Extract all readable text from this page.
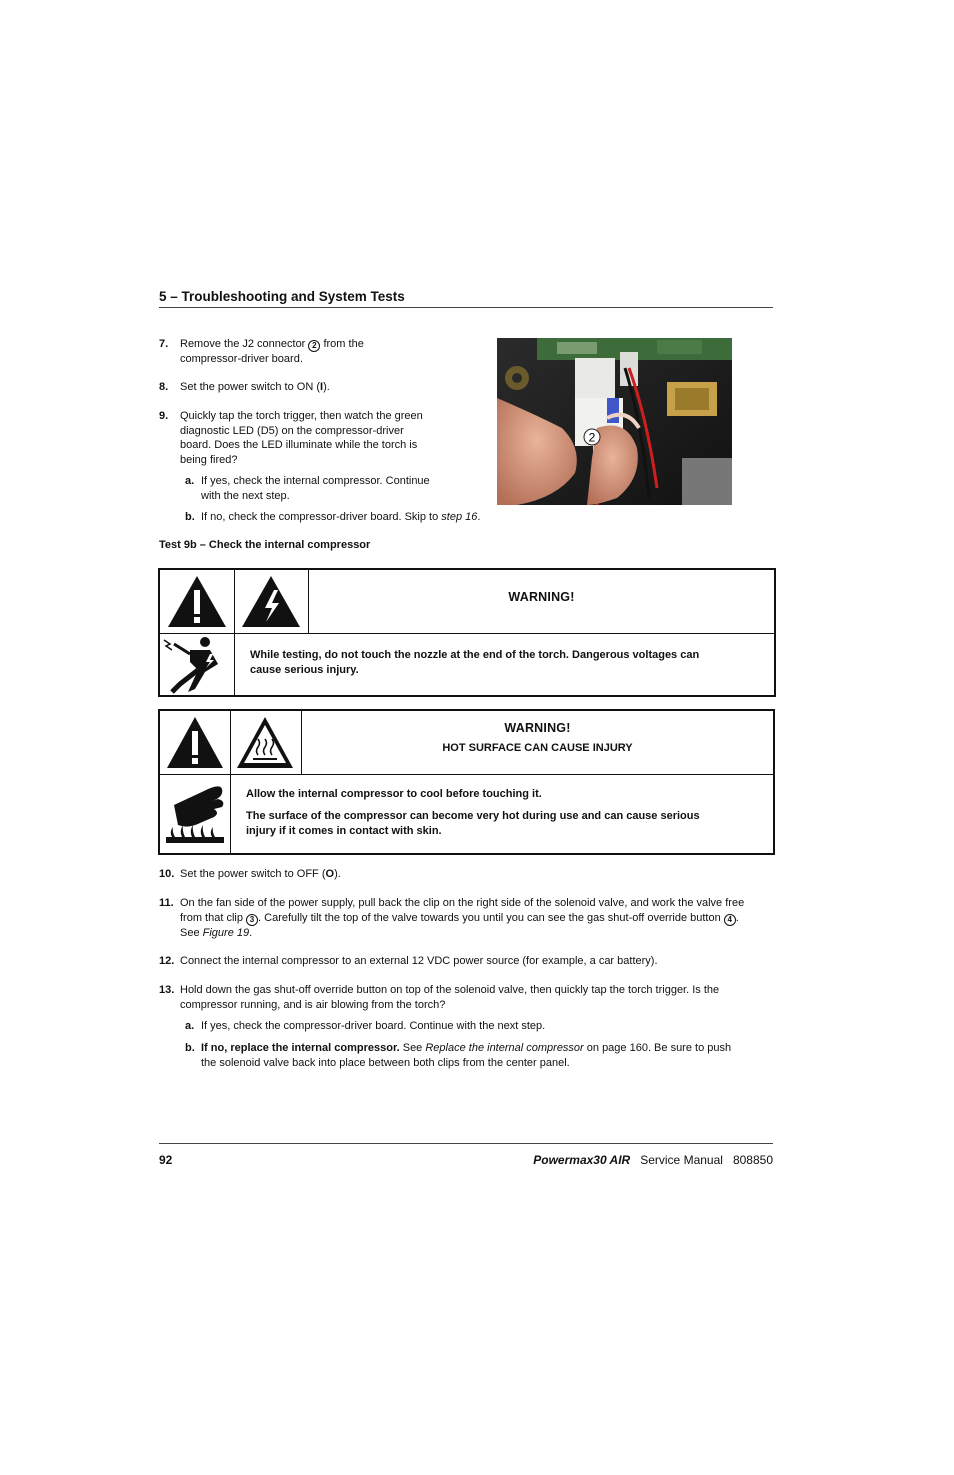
5 – Troubleshooting and System Tests
7. Remove the J2 connector 2 from the
compressor-driver board.
8. Set the power switch to ON (I).
9. Quickly tap the torch trigger, then watch the green
diagnostic LED (D5) on the compressor-driver
board. Does the LED illuminate while the torch is
being fired?
a. If yes, check the internal compressor. Continue
with the next step.
b. If no, check the compressor-driver board. Skip to step 16.
2
Test 9b – Check the internal compressor
WARNING!
While testing, do not touch the nozzle at the end of the torch. Dangerous voltages can
cause serious injury.
WARNING!
HOT SURFACE CAN CAUSE INJURY
Allow the internal compressor to cool before touching it.
The surface of the compressor can become very hot during use and can cause serious
injury if it comes in contact with skin.
10. Set the power switch to OFF (O).
11. On the fan side of the power supply, pull back the clip on the right side of the solenoid valve, and work the valve free
from that clip 3 . Carefully tilt the top of the valve towards you until you can see the gas shut-off override button 4 .
See Figure 19.
12. Connect the internal compressor to an external 12 VDC power source (for example, a car battery).
13. Hold down the gas shut-off override button on top of the solenoid valve, then quickly tap the torch trigger. Is the
compressor running, and is air blowing from the torch?
a. If yes, check the compressor-driver board. Continue with the next step.
b. If no, replace the internal compressor. See Replace the internal compressor on page 160. Be sure to push
the solenoid valve back into place between both clips from the center panel.
92	Powermax30 AIR Service Manual 808850
